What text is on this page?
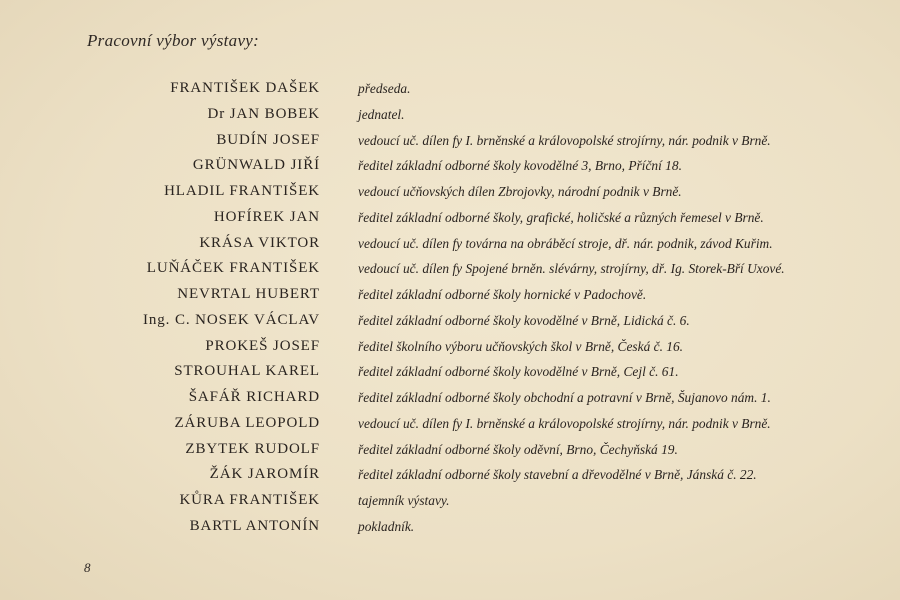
Pracovní výbor výstavy:
FRANTIŠEK DAŠEK	předseda.
Dr JAN BOBEK	jednatel.
BUDÍN JOSEF	vedoucí uč. dílen fy I. brněnské a královopolské strojírny, nár. podnik v Brně.
GRÜNWALD JIŘÍ	ředitel základní odborné školy kovodělné 3, Brno, Příční 18.
HLADIL FRANTIŠEK	vedoucí učňovských dílen Zbrojovky, národní podnik v Brně.
HOFÍREK JAN	ředitel základní odborné školy, grafické, holičské a různých řemesel v Brně.
KRÁSA VIKTOR	vedoucí uč. dílen fy továrna na obráběcí stroje, dř. nár. podnik, závod Kuřim.
LUŇÁČEK FRANTIŠEK	vedoucí uč. dílen fy Spojené brněn. slévárny, strojírny, dř. Ig. Storek-Bří Uxové.
NEVRTAL HUBERT	ředitel základní odborné školy hornické v Padochově.
Ing. C. NOSEK VÁCLAV	ředitel základní odborné školy kovodělné v Brně, Lidická č. 6.
PROKEŠ JOSEF	ředitel školního výboru učňovských škol v Brně, Česká č. 16.
STROUHAL KAREL	ředitel základní odborné školy kovodělné v Brně, Cejl č. 61.
ŠAFÁŘ RICHARD	ředitel základní odborné školy obchodní a potravní v Brně, Šujanovo nám. 1.
ZÁRUBA LEOPOLD	vedoucí uč. dílen fy I. brněnské a královopolské strojírny, nár. podnik v Brně.
ZBYTEK RUDOLF	ředitel základní odborné školy oděvní, Brno, Čechyňská 19.
ŽÁK JAROMÍR	ředitel základní odborné školy stavební a dřevodělné v Brně, Jánská č. 22.
KŮRA FRANTIŠEK	tajemník výstavy.
BARTL ANTONÍN	pokladník.
8
